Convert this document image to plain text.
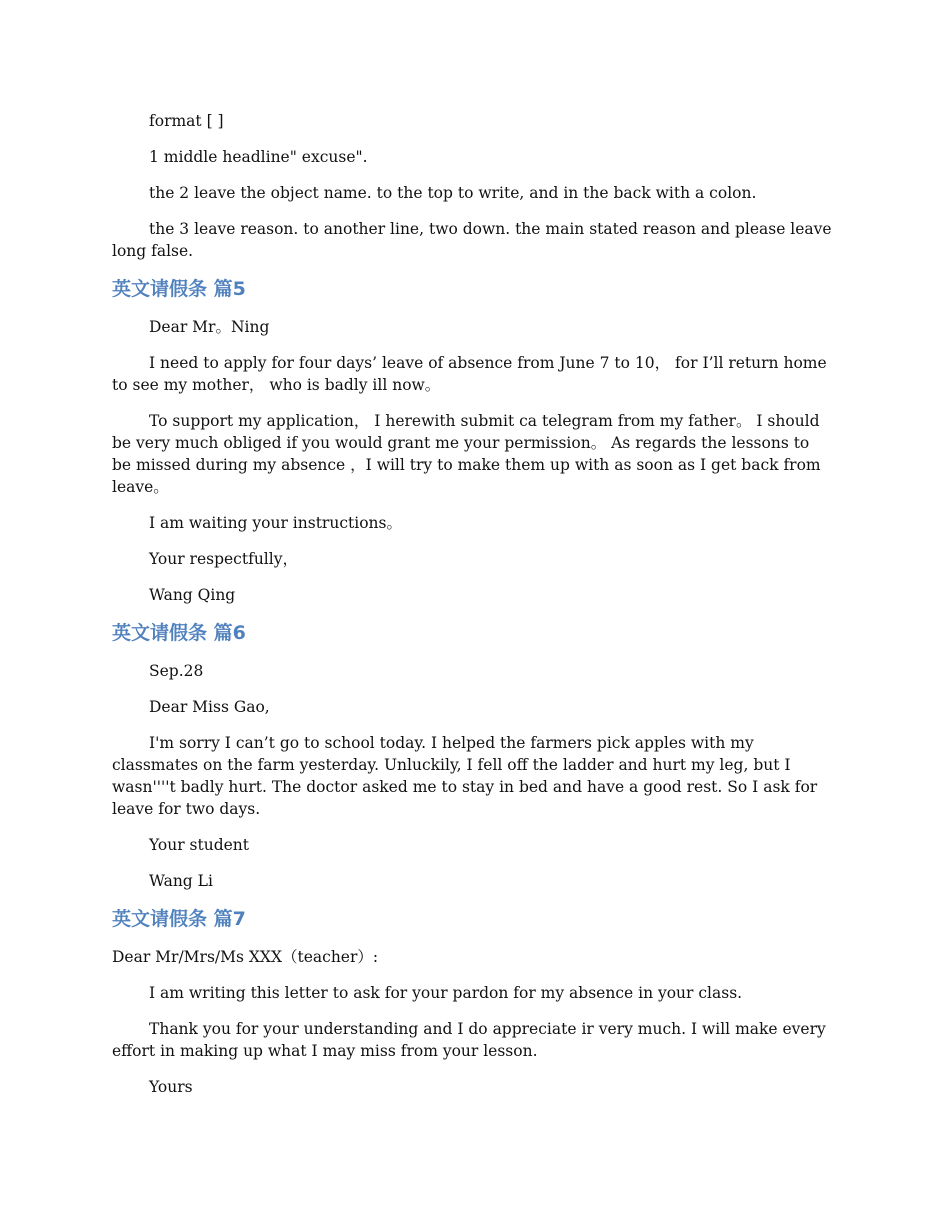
format [ ]

1 middle headline" excuse".

the 2 leave the object name. to the top to write, and in the back with a colon.

the 3 leave reason. to another line, two down. the main stated reason and please leave long false.

英文请假条 篇5

Dear Mr。Ning

I need to apply for four days’ leave of absence from June 7 to 10， for I’ll return home to see my mother， who is badly ill now。

To support my application， I herewith submit ca telegram from my father。 I should be very much obliged if you would grant me your permission。 As regards the lessons to be missed during my absence ，I will try to make them up with as soon as I get back from leave。

I am waiting your instructions。

Your respectfully，

Wang Qing

英文请假条 篇6

Sep.28

Dear Miss Gao,

I'm sorry I can’t go to school today. I helped the farmers pick apples with my classmates on the farm yesterday. Unluckily, I fell off the ladder and hurt my leg, but I wasn''''t badly hurt. The doctor asked me to stay in bed and have a good rest. So I ask for leave for two days.

Your student

Wang Li

英文请假条 篇7

Dear Mr/Mrs/Ms XXX（teacher）:

I am writing this letter to ask for your pardon for my absence in your class.

Thank you for your understanding and I do appreciate ir very much. I will make every effort in making up what I may miss from your lesson.

Yours
